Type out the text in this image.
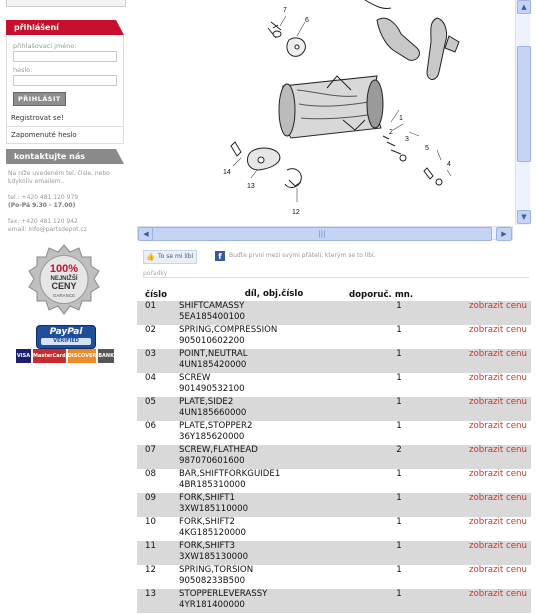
přihlášení
přihlašovací jméno:
heslo:
PŘIHLÁSIT
Registrovat se!
Zapomenuté heslo
kontaktujte nás
Na níže uvedeném tel. čísle, nebo kdykoliv emailem..
tel.: +420 481 120 979
(Po-Pá 9.30 - 17.00)
fax: +420 481 120 942
email: info@partsdepot.cz
100%
NEJNIŽŠÍ
CENY
GARANCE
PayPal
VERIFIED
VISA MasterCard DISCOVER BANK
7
6
1
2
3
4
5
14
13
12
▲
▼
◀	|||	▶
👍 To se mi líbí	f	Buďte první mezi svými přáteli, kterým se to líbí.
pořadky
číslo	díl, obj.číslo	doporuč. mn.	
01	SHIFTCAMASSY
5EA185400100	1	zobrazit cenu
02	SPRING,COMPRESSION
905010602200	1	zobrazit cenu
03	POINT,NEUTRAL
4UN185420000	1	zobrazit cenu
04	SCREW
901490532100	1	zobrazit cenu
05	PLATE,SIDE2
4UN185660000	1	zobrazit cenu
06	PLATE,STOPPER2
36Y185620000	1	zobrazit cenu
07	SCREW,FLATHEAD
987070601600	2	zobrazit cenu
08	BAR,SHIFTFORKGUIDE1
4BR185310000	1	zobrazit cenu
09	FORK,SHIFT1
3XW185110000	1	zobrazit cenu
10	FORK,SHIFT2
4KG185120000	1	zobrazit cenu
11	FORK,SHIFT3
3XW185130000	1	zobrazit cenu
12	SPRING,TORSION
90508233B500	1	zobrazit cenu
13	STOPPERLEVERASSY
4YR181400000	1	zobrazit cenu
